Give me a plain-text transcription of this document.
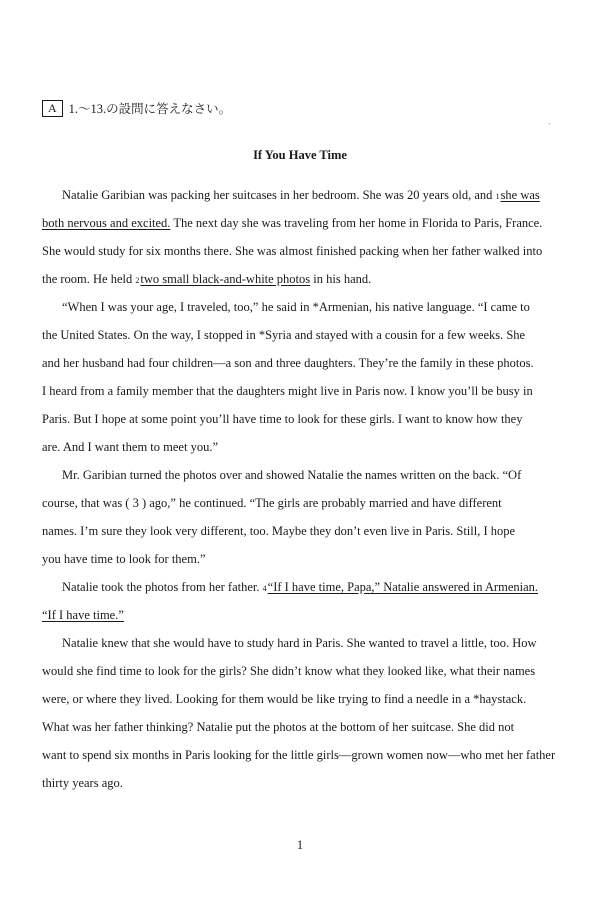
A 1.～13.の設問に答えなさい。
`
If You Have Time
Natalie Garibian was packing her suitcases in her bedroom. She was 20 years old, and 1she was
both nervous and excited. The next day she was traveling from her home in Florida to Paris, France.
She would study for six months there. She was almost finished packing when her father walked into
the room. He held 2two small black-and-white photos in his hand.
“When I was your age, I traveled, too,” he said in *Armenian, his native language. “I came to
the United States. On the way, I stopped in *Syria and stayed with a cousin for a few weeks. She
and her husband had four children—a son and three daughters. They’re the family in these photos.
I heard from a family member that the daughters might live in Paris now. I know you’ll be busy in
Paris. But I hope at some point you’ll have time to look for these girls. I want to know how they
are. And I want them to meet you.”
Mr. Garibian turned the photos over and showed Natalie the names written on the back. “Of
course, that was ( 3 ) ago,” he continued. “The girls are probably married and have different
names. I’m sure they look very different, too. Maybe they don’t even live in Paris. Still, I hope
you have time to look for them.”
Natalie took the photos from her father. 4“If I have time, Papa,” Natalie answered in Armenian.
“If I have time.”
Natalie knew that she would have to study hard in Paris. She wanted to travel a little, too. How
would she find time to look for the girls? She didn’t know what they looked like, what their names
were, or where they lived. Looking for them would be like trying to find a needle in a *haystack.
What was her father thinking? Natalie put the photos at the bottom of her suitcase. She did not
want to spend six months in Paris looking for the little girls—grown women now—who met her father
thirty years ago.
1
